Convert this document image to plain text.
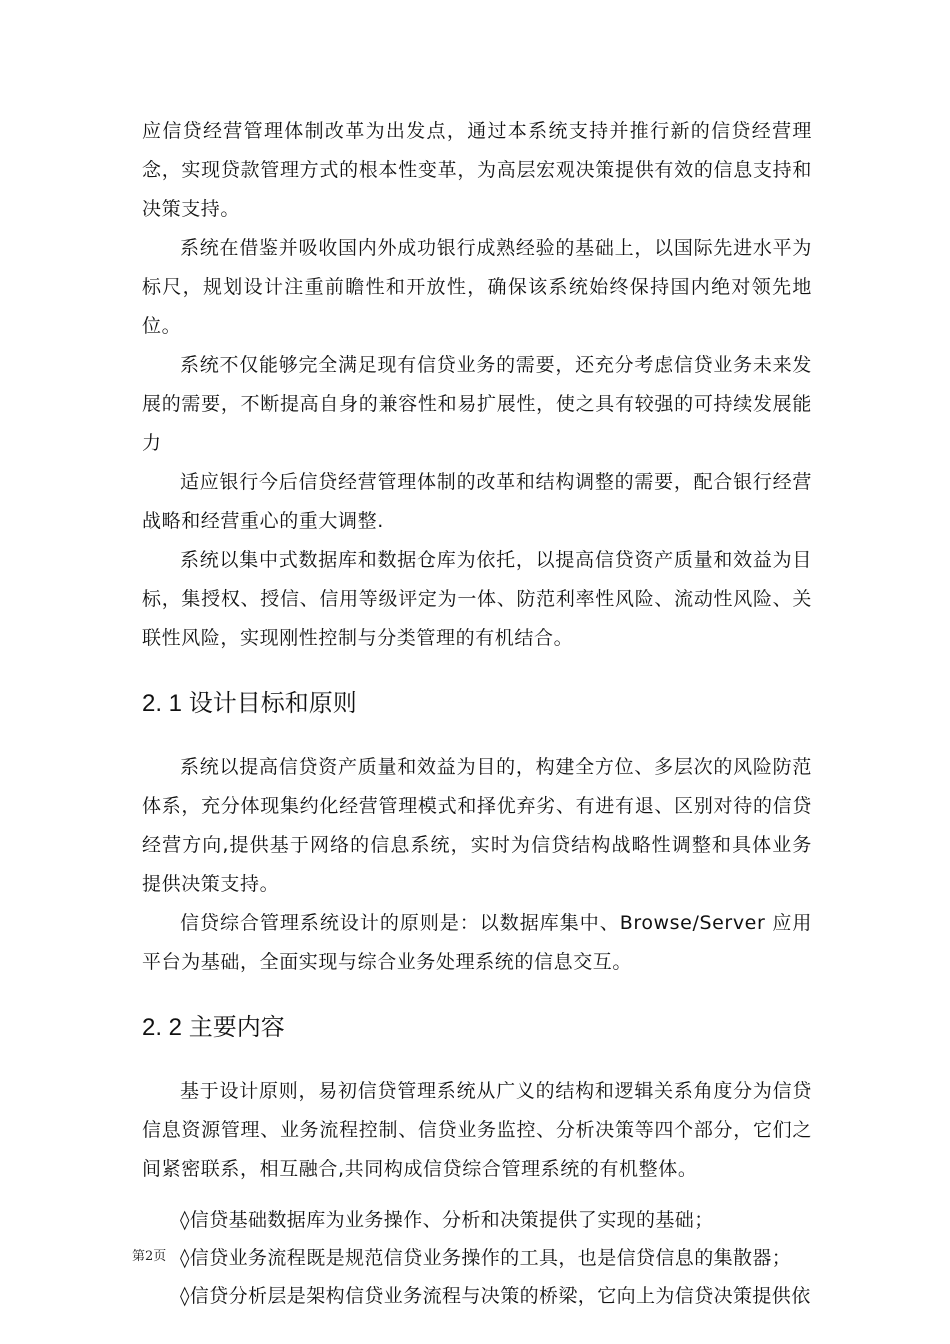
应信贷经营管理体制改革为出发点，通过本系统支持并推行新的信贷经营理念，实现贷款管理方式的根本性变革，为高层宏观决策提供有效的信息支持和决策支持。

系统在借鉴并吸收国内外成功银行成熟经验的基础上，以国际先进水平为标尺，规划设计注重前瞻性和开放性，确保该系统始终保持国内绝对领先地位。

系统不仅能够完全满足现有信贷业务的需要，还充分考虑信贷业务未来发展的需要，不断提高自身的兼容性和易扩展性，使之具有较强的可持续发展能力

适应银行今后信贷经营管理体制的改革和结构调整的需要，配合银行经营战略和经营重心的重大调整.

系统以集中式数据库和数据仓库为依托，以提高信贷资产质量和效益为目标，集授权、授信、信用等级评定为一体、防范利率性风险、流动性风险、关联性风险，实现刚性控制与分类管理的有机结合。

2. 1 设计目标和原则

系统以提高信贷资产质量和效益为目的，构建全方位、多层次的风险防范体系，充分体现集约化经营管理模式和择优弃劣、有进有退、区别对待的信贷经营方向,提供基于网络的信息系统，实时为信贷结构战略性调整和具体业务提供决策支持。

信贷综合管理系统设计的原则是：以数据库集中、Browse/Server 应用平台为基础，全面实现与综合业务处理系统的信息交互。

2. 2 主要内容

基于设计原则，易初信贷管理系统从广义的结构和逻辑关系角度分为信贷信息资源管理、业务流程控制、信贷业务监控、分析决策等四个部分，它们之间紧密联系，相互融合,共同构成信贷综合管理系统的有机整体。

◊信贷基础数据库为业务操作、分析和决策提供了实现的基础；

◊信贷业务流程既是规范信贷业务操作的工具，也是信贷信息的集散器；

◊信贷分析层是架构信贷业务流程与决策的桥梁，它向上为信贷决策提供依

第2页
